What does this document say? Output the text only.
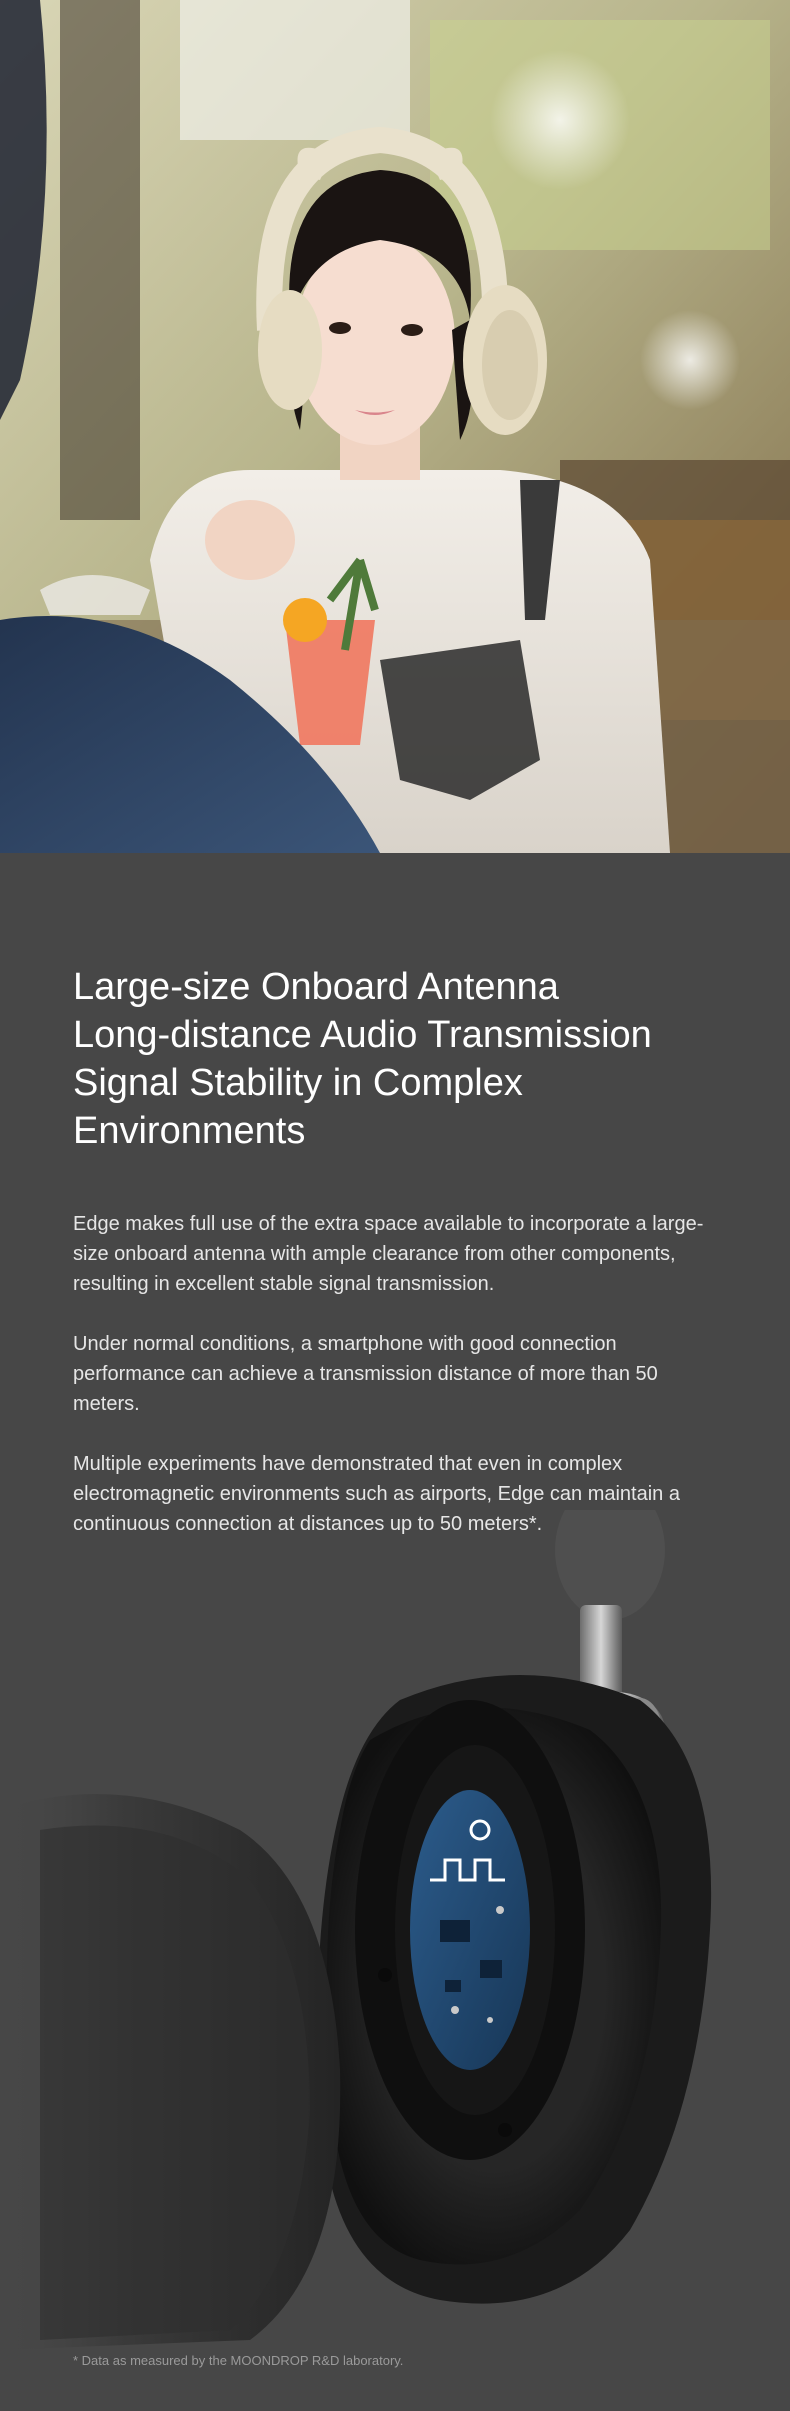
Large-size Onboard Antenna
Long-distance Audio Transmission
Signal Stability in Complex
Environments

Edge makes full use of the extra space available to incorporate a large-size onboard antenna with ample clearance from other components, resulting in excellent stable signal transmission.

Under normal conditions, a smartphone with good connection performance can achieve a transmission distance of more than 50 meters.

Multiple experiments have demonstrated that even in complex electromagnetic environments such as airports, Edge can maintain a continuous connection at distances up to 50 meters*.

* Data as measured by the MOONDROP R&D laboratory.
